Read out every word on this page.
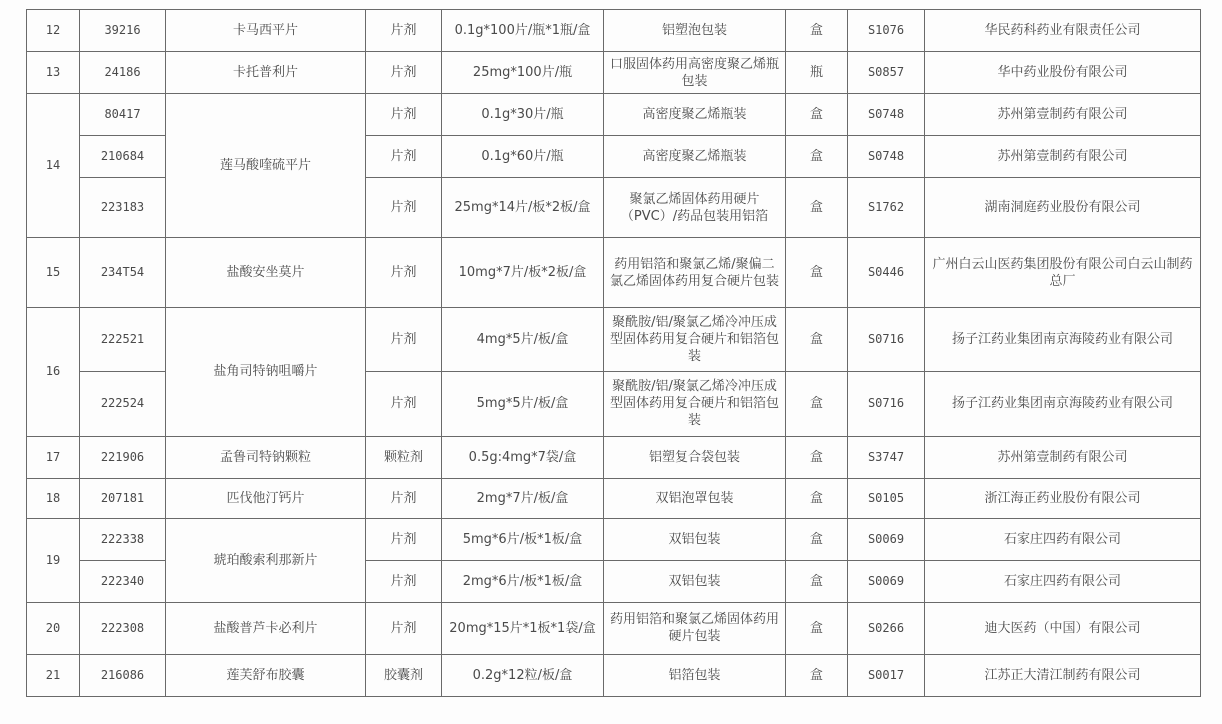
12	39216	卡马西平片	片剂	0.1g*100片/瓶*1瓶/盒	铝塑泡包装	盒	S1076	华民药科药业有限责任公司
13	24186	卡托普利片	片剂	25mg*100片/瓶	口服固体药用高密度聚乙烯瓶包装	瓶	S0857	华中药业股份有限公司
14	80417	莲马酸喹硫平片	片剂	0.1g*30片/瓶	高密度聚乙烯瓶装	盒	S0748	苏州第壹制药有限公司
	210684		片剂	0.1g*60片/瓶	高密度聚乙烯瓶装	盒	S0748	苏州第壹制药有限公司
	223183		片剂	25mg*14片/板*2板/盒	聚氯乙烯固体药用硬片（PVC）/药品包装用铝箔	盒	S1762	湖南洞庭药业股份有限公司
15	234T54	盐酸安坐莫片	片剂	10mg*7片/板*2板/盒	药用铝箔和聚氯乙烯/聚偏二氯乙烯固体药用复合硬片包装	盒	S0446	广州白云山医药集团股份有限公司白云山制药总厂
16	222521	盐角司特钠咀嚼片	片剂	4mg*5片/板/盒	聚酰胺/铝/聚氯乙烯冷冲压成型固体药用复合硬片和铝箔包装	盒	S0716	扬子江药业集团南京海陵药业有限公司
	222524		片剂	5mg*5片/板/盒	聚酰胺/铝/聚氯乙烯冷冲压成型固体药用复合硬片和铝箔包装	盒	S0716	扬子江药业集团南京海陵药业有限公司
17	221906	孟鲁司特钠颗粒	颗粒剂	0.5g:4mg*7袋/盒	铝塑复合袋包装	盒	S3747	苏州第壹制药有限公司
18	207181	匹伐他汀钙片	片剂	2mg*7片/板/盒	双铝泡罩包装	盒	S0105	浙江海正药业股份有限公司
19	222338	琥珀酸索利那新片	片剂	5mg*6片/板*1板/盒	双铝包装	盒	S0069	石家庄四药有限公司
	222340		片剂	2mg*6片/板*1板/盒	双铝包装	盒	S0069	石家庄四药有限公司
20	222308	盐酸普芦卡必利片	片剂	20mg*15片*1板*1袋/盒	药用铝箔和聚氯乙烯固体药用硬片包装	盒	S0266	迪大医药（中国）有限公司
21	216086	莲芙舒布胶囊	胶囊剂	0.2g*12粒/板/盒	铝箔包装	盒	S0017	江苏正大清江制药有限公司
